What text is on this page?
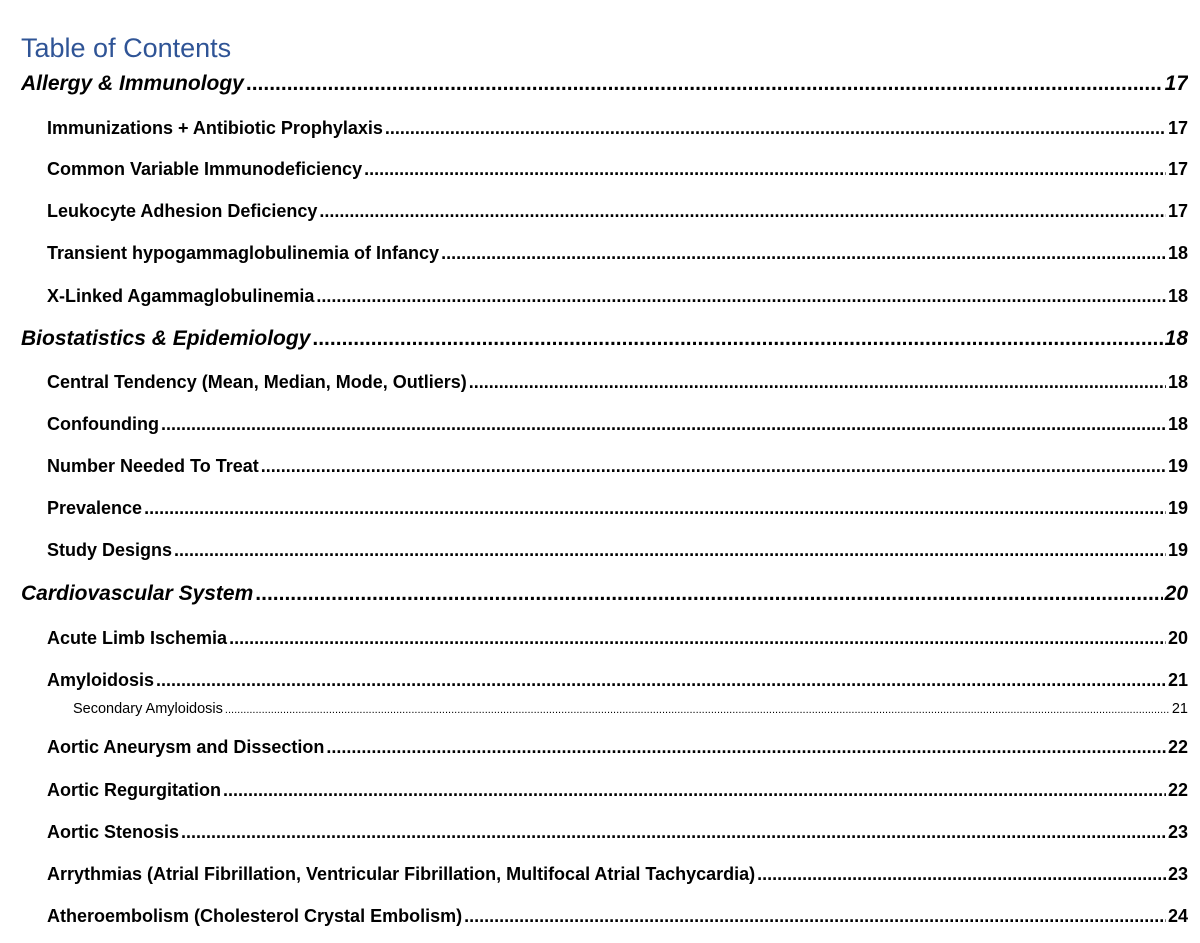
Table of Contents
Allergy & Immunology .....	17
Immunizations + Antibiotic Prophylaxis .....	17
Common Variable Immunodeficiency .....	17
Leukocyte Adhesion Deficiency .....	17
Transient hypogammaglobulinemia of Infancy .....	18
X-Linked Agammaglobulinemia .....	18
Biostatistics & Epidemiology .....	18
Central Tendency (Mean, Median, Mode, Outliers) .....	18
Confounding .....	18
Number Needed To Treat .....	19
Prevalence .....	19
Study Designs .....	19
Cardiovascular System .....	20
Acute Limb Ischemia .....	20
Amyloidosis .....	21
Secondary Amyloidosis .....	21
Aortic Aneurysm and Dissection .....	22
Aortic Regurgitation .....	22
Aortic Stenosis .....	23
Arrythmias (Atrial Fibrillation, Ventricular Fibrillation, Multifocal Atrial Tachycardia) .....	23
Atheroembolism (Cholesterol Crystal Embolism) .....	24
